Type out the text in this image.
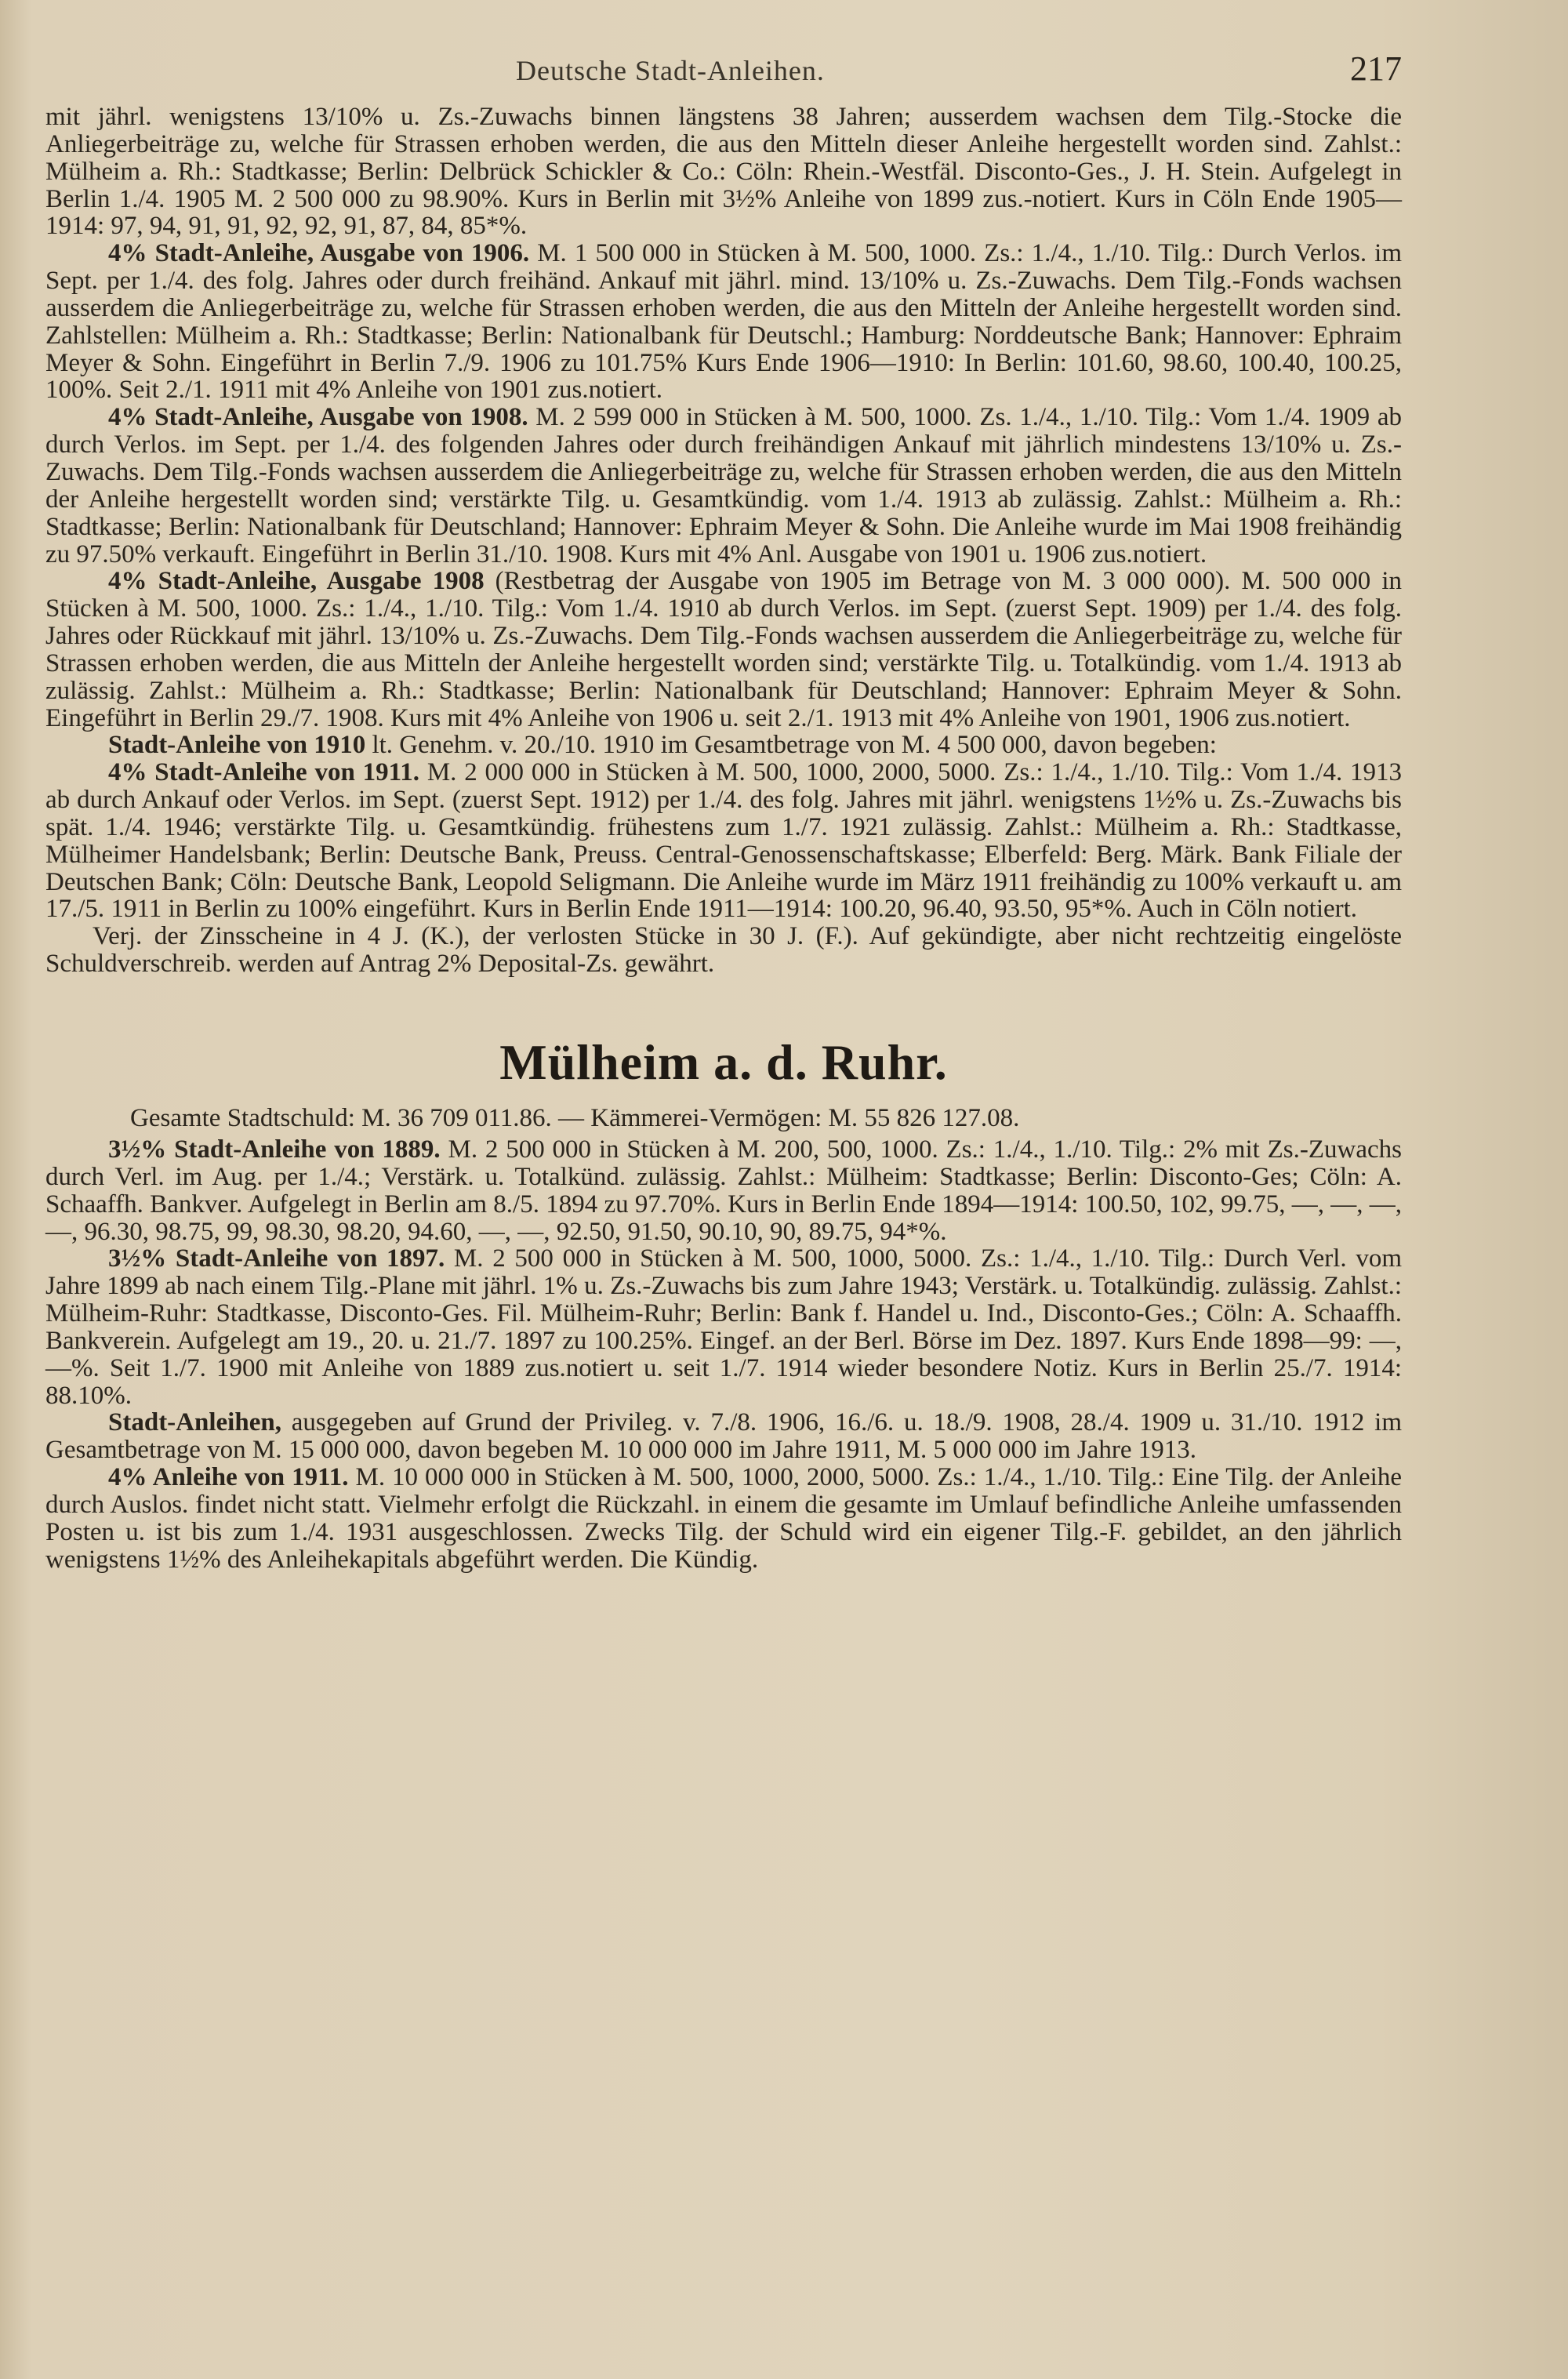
Deutsche Stadt-Anleihen.	217

mit jährl. wenigstens 13/10% u. Zs.-Zuwachs binnen längstens 38 Jahren; ausserdem wachsen dem Tilg.-Stocke die Anliegerbeiträge zu, welche für Strassen erhoben werden, die aus den Mitteln dieser Anleihe hergestellt worden sind. Zahlst.: Mülheim a. Rh.: Stadtkasse; Berlin: Delbrück Schickler & Co.: Cöln: Rhein.-Westfäl. Disconto-Ges., J. H. Stein. Aufgelegt in Berlin 1./4. 1905 M. 2 500 000 zu 98.90%. Kurs in Berlin mit 3½% Anleihe von 1899 zus.-notiert. Kurs in Cöln Ende 1905—1914: 97, 94, 91, 91, 92, 92, 91, 87, 84, 85*%.

4% Stadt-Anleihe, Ausgabe von 1906. M. 1 500 000 in Stücken à M. 500, 1000. Zs.: 1./4., 1./10. Tilg.: Durch Verlos. im Sept. per 1./4. des folg. Jahres oder durch freihänd. Ankauf mit jährl. mind. 13/10% u. Zs.-Zuwachs. Dem Tilg.-Fonds wachsen ausserdem die Anliegerbeiträge zu, welche für Strassen erhoben werden, die aus den Mitteln der Anleihe hergestellt worden sind. Zahlstellen: Mülheim a. Rh.: Stadtkasse; Berlin: Nationalbank für Deutschl.; Hamburg: Norddeutsche Bank; Hannover: Ephraim Meyer & Sohn. Eingeführt in Berlin 7./9. 1906 zu 101.75% Kurs Ende 1906—1910: In Berlin: 101.60, 98.60, 100.40, 100.25, 100%. Seit 2./1. 1911 mit 4% Anleihe von 1901 zus.notiert.

4% Stadt-Anleihe, Ausgabe von 1908. M. 2 599 000 in Stücken à M. 500, 1000. Zs. 1./4., 1./10. Tilg.: Vom 1./4. 1909 ab durch Verlos. im Sept. per 1./4. des folgenden Jahres oder durch freihändigen Ankauf mit jährlich mindestens 13/10% u. Zs.-Zuwachs. Dem Tilg.-Fonds wachsen ausserdem die Anliegerbeiträge zu, welche für Strassen erhoben werden, die aus den Mitteln der Anleihe hergestellt worden sind; verstärkte Tilg. u. Gesamtkündig. vom 1./4. 1913 ab zulässig. Zahlst.: Mülheim a. Rh.: Stadtkasse; Berlin: Nationalbank für Deutschland; Hannover: Ephraim Meyer & Sohn. Die Anleihe wurde im Mai 1908 freihändig zu 97.50% verkauft. Eingeführt in Berlin 31./10. 1908. Kurs mit 4% Anl. Ausgabe von 1901 u. 1906 zus.notiert.

4% Stadt-Anleihe, Ausgabe 1908 (Restbetrag der Ausgabe von 1905 im Betrage von M. 3 000 000). M. 500 000 in Stücken à M. 500, 1000. Zs.: 1./4., 1./10. Tilg.: Vom 1./4. 1910 ab durch Verlos. im Sept. (zuerst Sept. 1909) per 1./4. des folg. Jahres oder Rückkauf mit jährl. 13/10% u. Zs.-Zuwachs. Dem Tilg.-Fonds wachsen ausserdem die Anliegerbeiträge zu, welche für Strassen erhoben werden, die aus Mitteln der Anleihe hergestellt worden sind; verstärkte Tilg. u. Totalkündig. vom 1./4. 1913 ab zulässig. Zahlst.: Mülheim a. Rh.: Stadtkasse; Berlin: Nationalbank für Deutschland; Hannover: Ephraim Meyer & Sohn. Eingeführt in Berlin 29./7. 1908. Kurs mit 4% Anleihe von 1906 u. seit 2./1. 1913 mit 4% Anleihe von 1901, 1906 zus.notiert.

Stadt-Anleihe von 1910 lt. Genehm. v. 20./10. 1910 im Gesamtbetrage von M. 4 500 000, davon begeben:

4% Stadt-Anleihe von 1911. M. 2 000 000 in Stücken à M. 500, 1000, 2000, 5000. Zs.: 1./4., 1./10. Tilg.: Vom 1./4. 1913 ab durch Ankauf oder Verlos. im Sept. (zuerst Sept. 1912) per 1./4. des folg. Jahres mit jährl. wenigstens 1½% u. Zs.-Zuwachs bis spät. 1./4. 1946; verstärkte Tilg. u. Gesamtkündig. frühestens zum 1./7. 1921 zulässig. Zahlst.: Mülheim a. Rh.: Stadtkasse, Mülheimer Handelsbank; Berlin: Deutsche Bank, Preuss. Central-Genossenschaftskasse; Elberfeld: Berg. Märk. Bank Filiale der Deutschen Bank; Cöln: Deutsche Bank, Leopold Seligmann. Die Anleihe wurde im März 1911 freihändig zu 100% verkauft u. am 17./5. 1911 in Berlin zu 100% eingeführt. Kurs in Berlin Ende 1911—1914: 100.20, 96.40, 93.50, 95*%. Auch in Cöln notiert.

Verj. der Zinsscheine in 4 J. (K.), der verlosten Stücke in 30 J. (F.). Auf gekündigte, aber nicht rechtzeitig eingelöste Schuldverschreib. werden auf Antrag 2% Deposital-Zs. gewährt.

Mülheim a. d. Ruhr.

Gesamte Stadtschuld: M. 36 709 011.86. — Kämmerei-Vermögen: M. 55 826 127.08.

3½% Stadt-Anleihe von 1889. M. 2 500 000 in Stücken à M. 200, 500, 1000. Zs.: 1./4., 1./10. Tilg.: 2% mit Zs.-Zuwachs durch Verl. im Aug. per 1./4.; Verstärk. u. Totalkünd. zulässig. Zahlst.: Mülheim: Stadtkasse; Berlin: Disconto-Ges; Cöln: A. Schaaffh. Bankver. Aufgelegt in Berlin am 8./5. 1894 zu 97.70%. Kurs in Berlin Ende 1894—1914: 100.50, 102, 99.75, —, —, —, —, 96.30, 98.75, 99, 98.30, 98.20, 94.60, —, —, 92.50, 91.50, 90.10, 90, 89.75, 94*%.

3½% Stadt-Anleihe von 1897. M. 2 500 000 in Stücken à M. 500, 1000, 5000. Zs.: 1./4., 1./10. Tilg.: Durch Verl. vom Jahre 1899 ab nach einem Tilg.-Plane mit jährl. 1% u. Zs.-Zuwachs bis zum Jahre 1943; Verstärk. u. Totalkündig. zulässig. Zahlst.: Mülheim-Ruhr: Stadtkasse, Disconto-Ges. Fil. Mülheim-Ruhr; Berlin: Bank f. Handel u. Ind., Disconto-Ges.; Cöln: A. Schaaffh. Bankverein. Aufgelegt am 19., 20. u. 21./7. 1897 zu 100.25%. Eingef. an der Berl. Börse im Dez. 1897. Kurs Ende 1898—99: —, —%. Seit 1./7. 1900 mit Anleihe von 1889 zus.notiert u. seit 1./7. 1914 wieder besondere Notiz. Kurs in Berlin 25./7. 1914: 88.10%.

Stadt-Anleihen, ausgegeben auf Grund der Privileg. v. 7./8. 1906, 16./6. u. 18./9. 1908, 28./4. 1909 u. 31./10. 1912 im Gesamtbetrage von M. 15 000 000, davon begeben M. 10 000 000 im Jahre 1911, M. 5 000 000 im Jahre 1913.

4% Anleihe von 1911. M. 10 000 000 in Stücken à M. 500, 1000, 2000, 5000. Zs.: 1./4., 1./10. Tilg.: Eine Tilg. der Anleihe durch Auslos. findet nicht statt. Vielmehr erfolgt die Rückzahl. in einem die gesamte im Umlauf befindliche Anleihe umfassenden Posten u. ist bis zum 1./4. 1931 ausgeschlossen. Zwecks Tilg. der Schuld wird ein eigener Tilg.-F. gebildet, an den jährlich wenigstens 1½% des Anleihekapitals abgeführt werden. Die Kündig.
